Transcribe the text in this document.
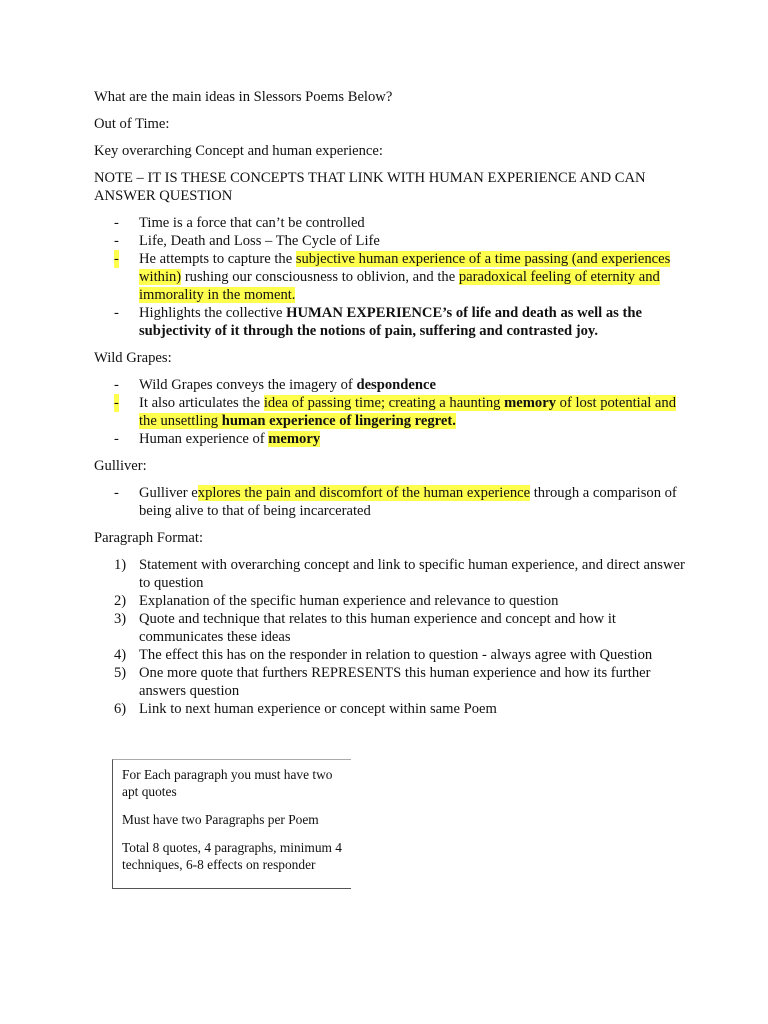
What are the main ideas in Slessors Poems Below?

Out of Time:

Key overarching Concept and human experience:

NOTE – IT IS THESE CONCEPTS THAT LINK WITH HUMAN EXPERIENCE AND CAN ANSWER QUESTION

- Time is a force that can’t be controlled
- Life, Death and Loss – The Cycle of Life
- He attempts to capture the subjective human experience of a time passing (and experiences within) rushing our consciousness to oblivion, and the paradoxical feeling of eternity and immorality in the moment.
- Highlights the collective HUMAN EXPERIENCE’s of life and death as well as the subjectivity of it through the notions of pain, suffering and contrasted joy.

Wild Grapes:

- Wild Grapes conveys the imagery of despondence
- It also articulates the idea of passing time; creating a haunting memory of lost potential and the unsettling human experience of lingering regret.
- Human experience of memory

Gulliver:

- Gulliver explores the pain and discomfort of the human experience through a comparison of being alive to that of being incarcerated

Paragraph Format:

1) Statement with overarching concept and link to specific human experience, and direct answer to question
2) Explanation of the specific human experience and relevance to question
3) Quote and technique that relates to this human experience and concept and how it communicates these ideas
4) The effect this has on the responder in relation to question - always agree with Question
5) One more quote that furthers REPRESENTS this human experience and how its further answers question
6) Link to next human experience or concept within same Poem

For Each paragraph you must have two apt quotes

Must have two Paragraphs per Poem

Total 8 quotes, 4 paragraphs, minimum 4 techniques, 6-8 effects on responder
